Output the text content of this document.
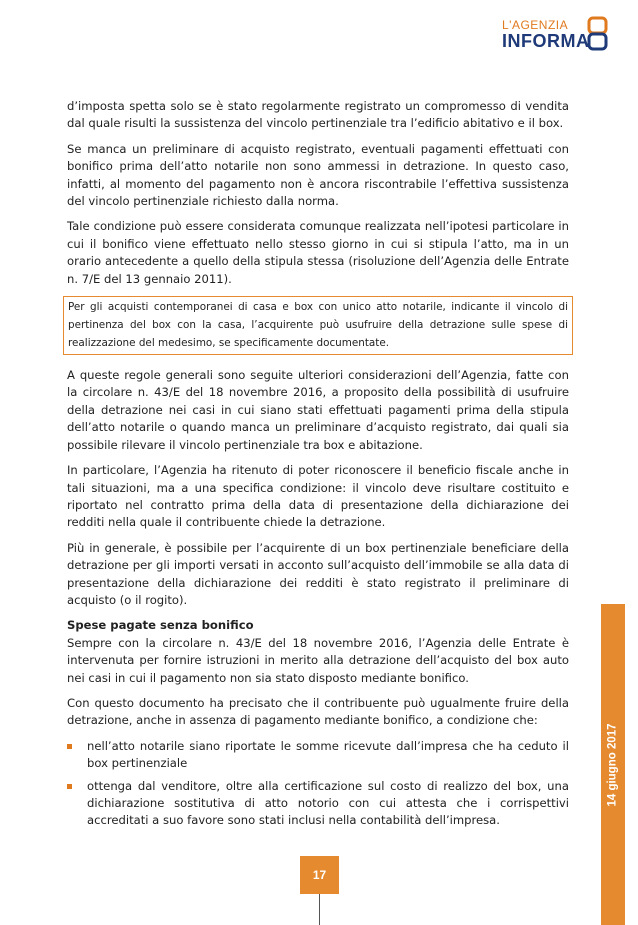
L'AGENZIA
INFORMA

d’imposta spetta solo se è stato regolarmente registrato un compromesso di vendita dal quale risulti la sussistenza del vincolo pertinenziale tra l’edificio abitativo e il box.

Se manca un preliminare di acquisto registrato, eventuali pagamenti effettuati con bonifico prima dell’atto notarile non sono ammessi in detrazione. In questo caso, infatti, al momento del pagamento non è ancora riscontrabile l’effettiva sussistenza del vincolo pertinenziale richiesto dalla norma.

Tale condizione può essere considerata comunque realizzata nell’ipotesi particolare in cui il bonifico viene effettuato nello stesso giorno in cui si stipula l’atto, ma in un orario antecedente a quello della stipula stessa (risoluzione dell’Agenzia delle Entrate n. 7/E del 13 gennaio 2011).

Per gli acquisti contemporanei di casa e box con unico atto notarile, indicante il vincolo di pertinenza del box con la casa, l’acquirente può usufruire della detrazione sulle spese di realizzazione del medesimo, se specificamente documentate.

A queste regole generali sono seguite ulteriori considerazioni dell’Agenzia, fatte con la circolare n. 43/E del 18 novembre 2016, a proposito della possibilità di usufruire della detrazione nei casi in cui siano stati effettuati pagamenti prima della stipula dell’atto notarile o quando manca un preliminare d’acquisto registrato, dai quali sia possibile rilevare il vincolo pertinenziale tra box e abitazione.

In particolare, l’Agenzia ha ritenuto di poter riconoscere il beneficio fiscale anche in tali situazioni, ma a una specifica condizione: il vincolo deve risultare costituito e riportato nel contratto prima della data di presentazione della dichiarazione dei redditi nella quale il contribuente chiede la detrazione.

Più in generale, è possibile per l’acquirente di un box pertinenziale beneficiare della detrazione per gli importi versati in acconto sull’acquisto dell’immobile se alla data di presentazione della dichiarazione dei redditi è stato registrato il preliminare di acquisto (o il rogito).

Spese pagate senza bonifico

Sempre con la circolare n. 43/E del 18 novembre 2016, l’Agenzia delle Entrate è intervenuta per fornire istruzioni in merito alla detrazione dell’acquisto del box auto nei casi in cui il pagamento non sia stato disposto mediante bonifico.

Con questo documento ha precisato che il contribuente può ugualmente fruire della detrazione, anche in assenza di pagamento mediante bonifico, a condizione che:

nell’atto notarile siano riportate le somme ricevute dall’impresa che ha ceduto il box pertinenziale
ottenga dal venditore, oltre alla certificazione sul costo di realizzo del box, una dichiarazione sostitutiva di atto notorio con cui attesta che i corrispettivi accreditati a suo favore sono stati inclusi nella contabilità dell’impresa.
14 giugno 2017
17
